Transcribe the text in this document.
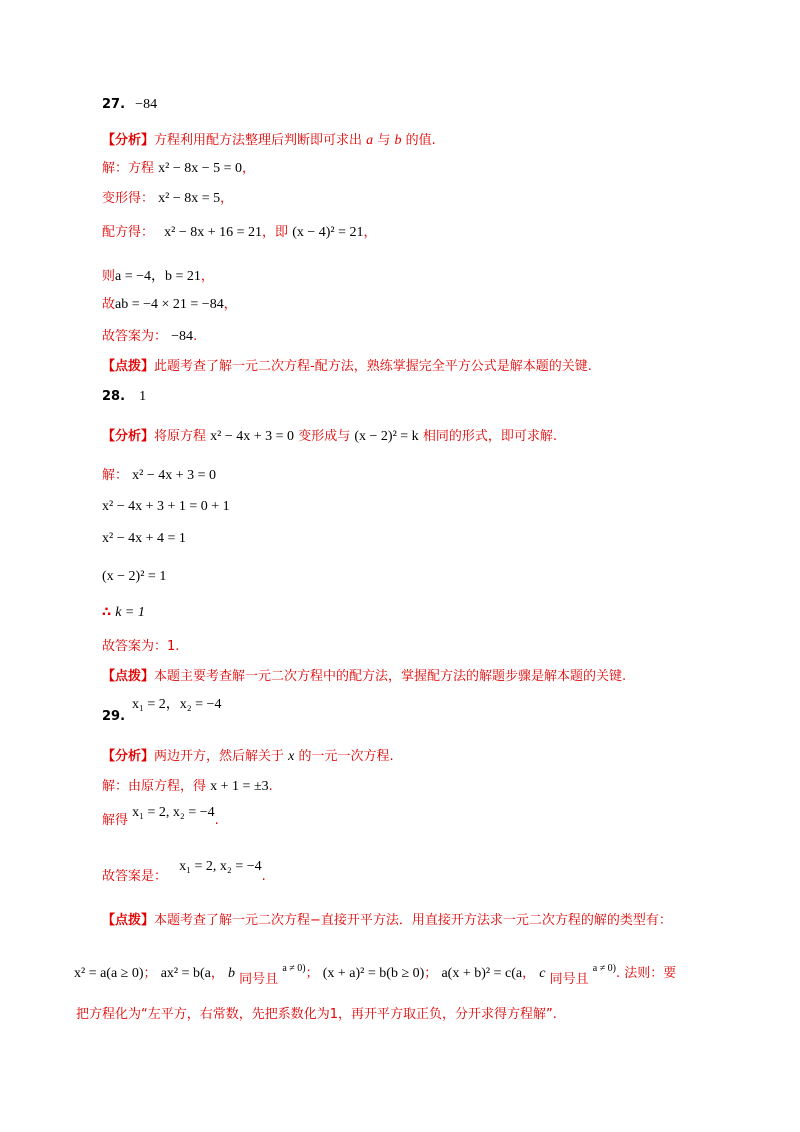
27. −84
【分析】方程利用配方法整理后判断即可求出 a 与 b 的值.
解：方程 x² − 8x − 5 = 0，
变形得： x² − 8x = 5，
配方得： x² − 8x + 16 = 21，即 (x − 4)² = 21，
则a = −4，b = 21，
故ab = −4 × 21 = −84，
故答案为： −84.
【点拨】此题考查了解一元二次方程-配方法，熟练掌握完全平方公式是解本题的关键.
28. 1
【分析】将原方程 x² − 4x + 3 = 0 变形成与 (x − 2)² = k 相同的形式，即可求解.
解： x² − 4x + 3 = 0
x² − 4x + 3 + 1 = 0 + 1
x² − 4x + 4 = 1
(x − 2)² = 1
∴ k = 1
故答案为：1.
【点拨】本题主要考查解一元二次方程中的配方法，掌握配方法的解题步骤是解本题的关键.
x₁ = 2，x₂ = −4
29.
【分析】两边开方，然后解关于 x 的一元一次方程.
解：由原方程，得 x + 1 = ±3.
解得 x₁ = 2, x₂ = −4.
故答案是： x₁ = 2, x₂ = −4.
【点拨】本题考查了解一元二次方程−直接开平方法．用直接开方法求一元二次方程的解的类型有：
x² = a(a ≥ 0)； ax² = b(a， b 同号且 $^{a \ne 0)}$； (x + a)² = b(b ≥ 0)； a(x + b)² = c(a， c 同号且 $^{a \ne 0)}$. 法则：要
把方程化为“左平方，右常数，先把系数化为1，再开平方取正负，分开求得方程解”.
